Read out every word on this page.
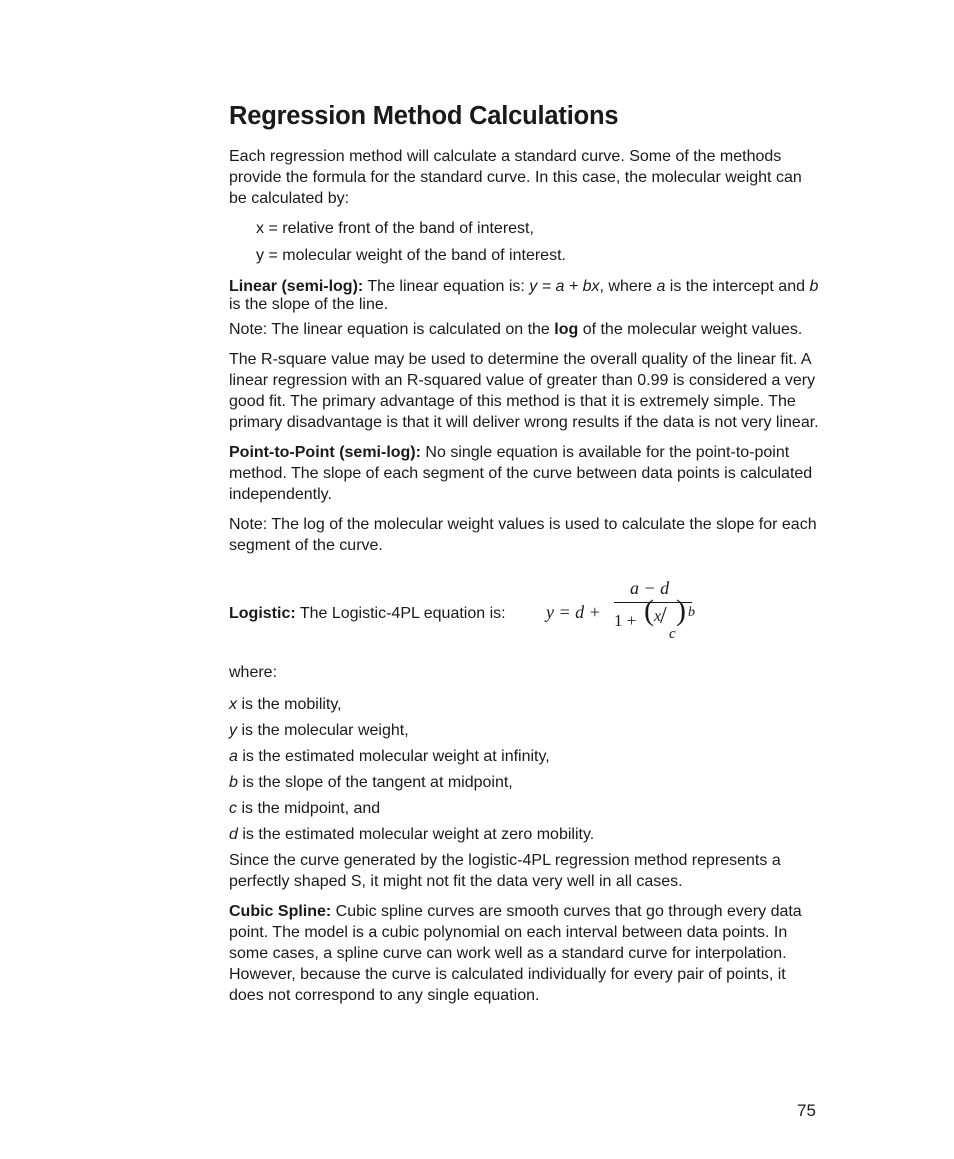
Regression Method Calculations

Each regression method will calculate a standard curve. Some of the methods provide the formula for the standard curve. In this case, the molecular weight can be calculated by:

x = relative front of the band of interest,

y = molecular weight of the band of interest.

Linear (semi-log): The linear equation is: y = a + bx, where a is the intercept and b is the slope of the line.

Note: The linear equation is calculated on the log of the molecular weight values.

The R-square value may be used to determine the overall quality of the linear fit. A linear regression with an R-squared value of greater than 0.99 is considered a very good fit. The primary advantage of this method is that it is extremely simple. The primary disadvantage is that it will deliver wrong results if the data is not very linear.

Point-to-Point (semi-log): No single equation is available for the point-to-point method. The slope of each segment of the curve between data points is calculated independently.

Note: The log of the molecular weight values is used to calculate the slope for each segment of the curve.

Logistic: The Logistic-4PL equation is:	y = d +
a − d
1 + ( x
/
c
) b

where:

x is the mobility,

y is the molecular weight,

a is the estimated molecular weight at infinity,

b is the slope of the tangent at midpoint,

c is the midpoint, and

d is the estimated molecular weight at zero mobility.

Since the curve generated by the logistic-4PL regression method represents a perfectly shaped S, it might not fit the data very well in all cases.

Cubic Spline: Cubic spline curves are smooth curves that go through every data point. The model is a cubic polynomial on each interval between data points. In some cases, a spline curve can work well as a standard curve for interpolation. However, because the curve is calculated individually for every pair of points, it does not correspond to any single equation.

75
